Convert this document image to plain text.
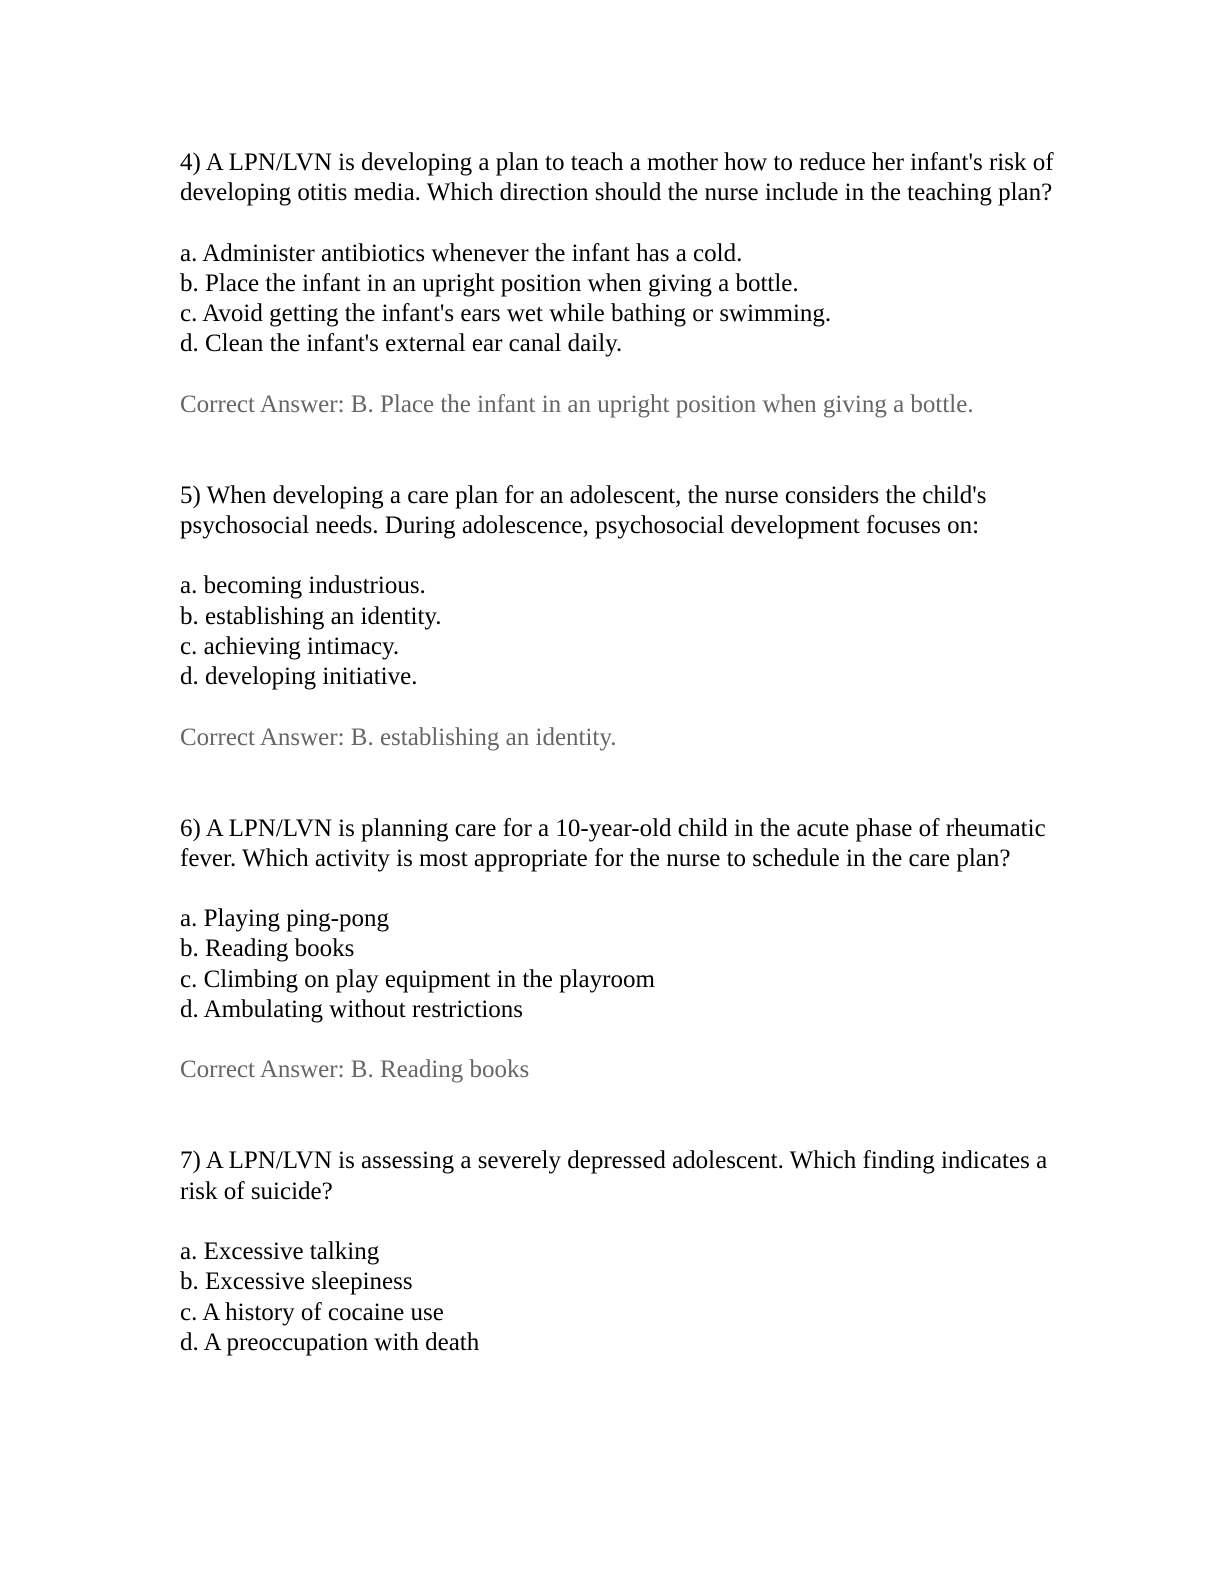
4) A LPN/LVN is developing a plan to teach a mother how to reduce her infant's risk of developing otitis media. Which direction should the nurse include in the teaching plan?

a. Administer antibiotics whenever the infant has a cold.
b. Place the infant in an upright position when giving a bottle.
c. Avoid getting the infant's ears wet while bathing or swimming.
d. Clean the infant's external ear canal daily.

Correct Answer: B. Place the infant in an upright position when giving a bottle.

5) When developing a care plan for an adolescent, the nurse considers the child's psychosocial needs. During adolescence, psychosocial development focuses on:

a. becoming industrious.
b. establishing an identity.
c. achieving intimacy.
d. developing initiative.

Correct Answer: B. establishing an identity.

6) A LPN/LVN is planning care for a 10-year-old child in the acute phase of rheumatic fever. Which activity is most appropriate for the nurse to schedule in the care plan?

a. Playing ping-pong
b. Reading books
c. Climbing on play equipment in the playroom
d. Ambulating without restrictions

Correct Answer: B. Reading books

7) A LPN/LVN is assessing a severely depressed adolescent. Which finding indicates a risk of suicide?

a. Excessive talking
b. Excessive sleepiness
c. A history of cocaine use
d. A preoccupation with death
